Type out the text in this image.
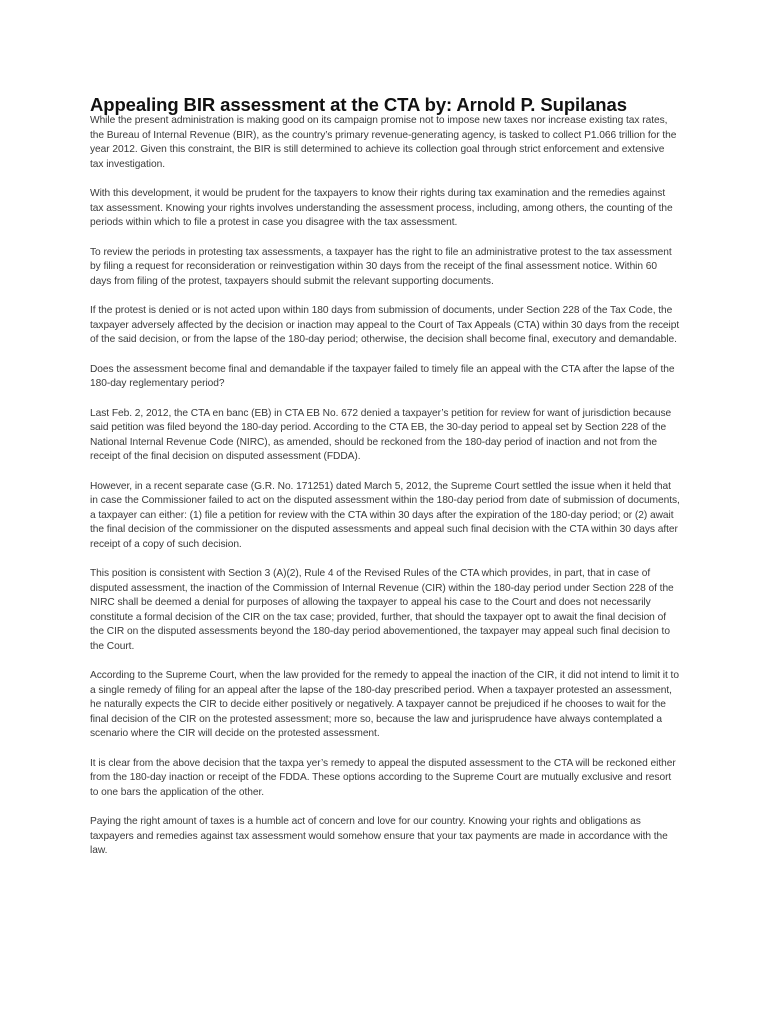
Appealing BIR assessment at the CTA by: Arnold P. Supilanas

While the present administration is making good on its campaign promise not to impose new taxes nor increase existing tax rates, the Bureau of Internal Revenue (BIR), as the country’s primary revenue-generating agency, is tasked to collect P1.066 trillion for the year 2012. Given this constraint, the BIR is still determined to achieve its collection goal through strict enforcement and extensive tax investigation.

With this development, it would be prudent for the taxpayers to know their rights during tax examination and the remedies against tax assessment. Knowing your rights involves understanding the assessment process, including, among others, the counting of the periods within which to file a protest in case you disagree with the tax assessment.

To review the periods in protesting tax assessments, a taxpayer has the right to file an administrative protest to the tax assessment by filing a request for reconsideration or reinvestigation within 30 days from the receipt of the final assessment notice. Within 60 days from filing of the protest, taxpayers should submit the relevant supporting documents.

If the protest is denied or is not acted upon within 180 days from submission of documents, under Section 228 of the Tax Code, the taxpayer adversely affected by the decision or inaction may appeal to the Court of Tax Appeals (CTA) within 30 days from the receipt of the said decision, or from the lapse of the 180-day period; otherwise, the decision shall become final, executory and demandable.

Does the assessment become final and demandable if the taxpayer failed to timely file an appeal with the CTA after the lapse of the 180-day reglementary period?

Last Feb. 2, 2012, the CTA en banc (EB) in CTA EB No. 672 denied a taxpayer’s petition for review for want of jurisdiction because said petition was filed beyond the 180-day period. According to the CTA EB, the 30-day period to appeal set by Section 228 of the National Internal Revenue Code (NIRC), as amended, should be reckoned from the 180-day period of inaction and not from the receipt of the final decision on disputed assessment (FDDA).

However, in a recent separate case (G.R. No. 171251) dated March 5, 2012, the Supreme Court settled the issue when it held that in case the Commissioner failed to act on the disputed assessment within the 180-day period from date of submission of documents, a taxpayer can either: (1) file a petition for review with the CTA within 30 days after the expiration of the 180-day period; or (2) await the final decision of the commissioner on the disputed assessments and appeal such final decision with the CTA within 30 days after receipt of a copy of such decision.

This position is consistent with Section 3 (A)(2), Rule 4 of the Revised Rules of the CTA which provides, in part, that in case of disputed assessment, the inaction of the Commission of Internal Revenue (CIR) within the 180-day period under Section 228 of the NIRC shall be deemed a denial for purposes of allowing the taxpayer to appeal his case to the Court and does not necessarily constitute a formal decision of the CIR on the tax case; provided, further, that should the taxpayer opt to await the final decision of the CIR on the disputed assessments beyond the 180-day period abovementioned, the taxpayer may appeal such final decision to the Court.

According to the Supreme Court, when the law provided for the remedy to appeal the inaction of the CIR, it did not intend to limit it to a single remedy of filing for an appeal after the lapse of the 180-day prescribed period. When a taxpayer protested an assessment, he naturally expects the CIR to decide either positively or negatively. A taxpayer cannot be prejudiced if he chooses to wait for the final decision of the CIR on the protested assessment; more so, because the law and jurisprudence have always contemplated a scenario where the CIR will decide on the protested assessment.

It is clear from the above decision that the taxpa yer’s remedy to appeal the disputed assessment to the CTA will be reckoned either from the 180-day inaction or receipt of the FDDA. These options according to the Supreme Court are mutually exclusive and resort to one bars the application of the other.

Paying the right amount of taxes is a humble act of concern and love for our country. Knowing your rights and obligations as taxpayers and remedies against tax assessment would somehow ensure that your tax payments are made in accordance with the law.
